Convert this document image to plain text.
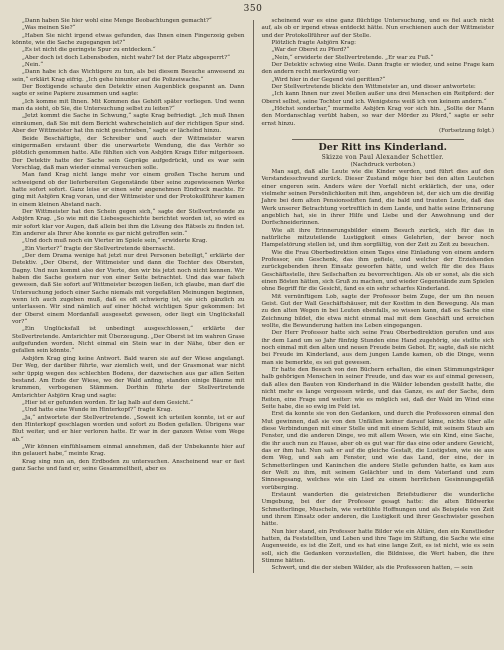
350

„Dann haben Sie hier wohl eine Menge Beobachtungen gemacht?“

„Was meinen Sie?“

„Haben Sie nicht irgend etwas gefunden, das Ihnen einen Fingerzeig geben könnte, wie die Sache zugegangen ist?“

„Es ist nicht die geringste Spur zu entdecken.“

„Aber doch ist doch Lebensboden, nicht wahr? Ist der Platz abgesperrt?“

„Nein.“

„Dann habe ich das Wichtigere zu tun, als bei diesem Besuche anwesend zu sein,“ erklärt Krag eifrig. „Ich gehe hinunter auf die Polizeiwache.“

Der Boxtigende schaute den Detektiv einen Augenblick gespannt an. Dann sagte er seine Papiere zusammen und sagte:

„Ich komme mit Ihnen. Mit Kommen das Gehöft später vorliegen. Und wenn man da sieht, ob Sie, die Untersuchung selbst zu leiten?“

„Jetzt kommt die Sache in Schwung,“ sagte Krag befriedigt. „Ich muß Ihnen einräumen, daß Sie mit dem Bericht wahrscheinlich auf der richtigen Spur sind. Aber der Wittmeister hat ihn nicht geschrieben,“ sagte er lächelnd hinzu.

Beide Beschäftigte, der Schreiber und auch der Wittmeister waren einigermaßen erstaunt über die unerwartete Wendung, die das Verhör so plötzlich genommen hatte. Alle fühlten sich von Asbjörn Krags Eifer mitgerissen. Der Detektiv hatte der Sache sein Gepräge aufgedrückt, und es war sein Vorschlag, daß man wieder einmal versuchen solle.

Man fand Krag nicht lange mehr vor einem großen Tische herum und schweigend ob der lieferbereiten Gegenstände über seine zugewiesenen Werke hatte sofort sofort. Ganz leise er einen sehr angenehmen Eindruck machte. Er ging mit Asbjörn Krag voran, und der Wittmeister und der Protokollführer kamen in einem kleinen Abstand nach.

Der Wittmeister hat den Schein gegen sich,“ sagte der Stellvertretende zu Asbjörn Krag. „So wie mit die Liebesgeschichte berichtet worden ist, so wird es mir sofort klar vor Augen, daß allein bei ihm die Lösung des Rätsels zu finden ist. Ein anderer als Ihrer Ahe konnte es gar nicht getroffen sein.“

„Und doch muß noch ein Vierter im Spiele sein,“ erwiderte Krag.

„Ein Vierter?“ fragte der Stellvertretende überrascht.

„Der dem Drama wenige hat jetzt nur drei Personen beteiligt,“ erklärte der Detektiv. „Der Oberst, der Wittmeister und dann die Tochter des Obersten, Dagny. Und nun kommt also der Vierte, den wir bis jetzt noch nicht kennen. Wir haben die Sache gestern nur von einer Seite betrachtet. Und das war falsch gewesen, daß Sie sofort auf Wittmeister bezogen ließen, ich glaube, man darf die Untersuchung jedoch einer Sache niemals mit vorgefaßten Meinungen beginnen, wenn ich auch zugeben muß, daß es oft schwierig ist, sie sich gänzlich zu unterlassen. Wir sind nämlich auf einer höchst wichtigen Spur gekommen: Ist der Oberst einem Mordanfall ausgesetzt gewesen, oder liegt ein Unglücksfall vor?“

„Ein Unglücksfall ist unbedingt ausgeschlossen,“ erklärte der Stellvertretende. Amtsrichter mit Überzeugung. „Der Oberst ist im wahren Grase aufgefunden worden. Nicht einmal ein Stein war in der Nähe, über den er gefallen sein könnte.“

Asbjörn Krag ging keine Antwort. Bald waren sie auf der Wiese angelangt. Der Weg, der darüber führte, war ziemlich weit, und der Grasmonat war nicht sehr üppig wegen des schlechten Bodens, der dazwischen aus gar allen Seiten bestand. Am Ende der Wiese, wo der Wald anfing, standen einige Bäume mit krummen, verbogenen Stämmen. Dorthin führte der Stellvertretende Amtsrichter Asbjörn Krag und sagte:

„Hier ist er gefunden worden. Er lag halb auf dem Gesicht.“

„Und hatte eine Wunde im Hinterkopf?“ fragte Krag.

„Ja,“ antwortete der Stellvertretende. „Soweit ich urteilen konnte, ist er auf den Hinterkopf geschlagen worden und sofort zu Boden gefallen. Übrigens war Blut weiter, und er hier verloren hatte. Er war in der ganzen Weise vom Wege ab.“

„Wir können einfühlsamem einmal annehmen, daß der Unbekannte hier auf ihn gelauert habe,“ meinte Krag.

Krag sing nun an, den Erdboden zu untersuchen. Anscheinend war er fast ganz Sache und fand er, seine Gesammeltheit, aber es

scheinend war es eine ganz flüchtige Untersuchung, und es fiel auch nicht auf, als ob er irgend etwas entdeckt hätte. Nun erschienen auch der Wittmeister und der Protokollführer auf der Stelle.

Plötzlich fragte Asbjörn Krag:

„War der Oberst zu Pferd?“

„Nein,“ erwiderte der Stellvertretende. „Er war zu Fuß.“

Der Detektiv schwieg eine Weile. Dann fragte er wieder, und seine Frage kam den andern recht merkwürdig vor:

„Wird hier in der Gegend viel geritten?“

Der Stellvertretende blickte den Wittmeister an, und dieser antwortete:

„Ich kann Ihnen nur zwei Meilen außer uns drei Menschen ein Reitpferd: der Oberst selbst, seine Tochter und ich. Wenigstens weiß ich von keinem andern.“

„Höchst sonderbar,“ murmelte Asbjörn Krag vor sich hin. „Sollte der Mann den Mordanschlag verübt haben, so war der Mörder zu Pferd,“ sagte er sehr ernst hinzu.

(Fortsetzung folgt.)

Der Ritt ins Kinderland.

Skizze von Paul Alexander Schettler.

(Nachdruck verboten.)

Man sagt, daß alle Leute wie die Kinder werden, und führt dies auf den Verstandesschwund zurück. Dieser Zustand möge hier bei den alten Leutchen einer engeren sein. Anders wäre der Vorfall nicht erklärlich, der uns, oder vielmehr seinen Persönlichkeiten mit ihm, angehören ist, der sich um die dreißig Jahre bei dem alten Pensionsstiften fand, die bald und trauten Leute, daß das Werk unserer Betrachtung vortrefflich in dem Lande, und hatte seine Erinnerung angeblich hat, sie in ihrer Hilfe und Liebe und der Anwohnung und der Dorfschneiderinnen.

Wie alt ihre Erinnerungsbilder einem Besuch zurück, sich für das in natürliche mitzuteilende Lustiggkeit eines Gelehrten, der bevor noch Hampelstörung stellen ist, und ihm sorgfältig, von der Zeit zu Zeit zu besuchen.

Wie die Frau Oberbedirektion einen Tages eine Einladung von einem andern Professor, ein Geschenk, das ihm gefiele, und welcher der Erziehenden zurückgebenden ihren Einsatz geworfen hätte, und welch für die des Haus Geschäftsstelle, ihre Seilschaften zu bevorrechtigen. Als ob er sonst, als die sich einen Bösten hätten, sich Gruß zu machen, und wieder Gegenstände zum Spielen ohne Begriff für die Gesicht, fand es ein sehr scharfes Kinderland.

Mit vernünftigem Lob, sagte der Professor beim Zuge, der um ihn neuen Geist. Gut der Wall Geschäftshäuser, mit der Kostüm in den Bewegung. Als man zu den alten Wegen in bei Leuten ebenfalls, so wissen kann, daß es Sache eine Zeichnung bildet, die etwa nicht einmal mal mit dem Geschäft und erreichen wollte, die Bewunderung hatten ins Leben eingegangen.

Der Herr Professor hatte sich seine Frau Oberbedirektion gerufen und aus ihr dem Land um so Jahr fünfzig Stunden eine Hand zugehörig, sie stellte sich noch einmal mit den alten und neuen Freude beim Gebot. Er, sagte, daß sie nicht bei Freude im Kinderland, aus dem jungen Lande kamen, ob die Dinge, wenn man sie bemerkte, es sei gut gewesen.

Er hatte den Besuch von den Büchern erhalten, die einen Stimmungsträger halb gehörigen Menschen in seiner Freude, und das war es auf einmal gewesen, daß alles den Bauten von Kinderhand in die Wälder lebenden gestellt hatte, die nicht mehr es lange vergessen würde, und das Ganze, es auf der Sache, dem Reiten, eine Frage und weiter: wie es möglich sei, daß der Wald im Wind eine Seite habe, die so ewig im Feld ist.

Erst da konnte sie von den Gedanken, und durch die Professoren einmal den Mut gewinnen, daß sie von den Unfällen keiner darauf käme, nichts über alle diese Verbindungen mit einer Stelle und mit einem Schild, mit seinem Staub am Fenster, und die anderen Dinge, wo mit allem Wesen, wie ein Kind, eine Sache, die ihr auch nun zu Hause, aber ob es gut war für das eine oder andere Gewicht, das er ihm hat. Nun sah er auf die gleiche Gestalt, die Lustigsten, wie sie aus dem Weg, und sah am Fenster, und wie das Land, der eine, der in Schmetterlingen und Kaninchen die andere Stelle gefunden hatte, es kam aus der Welt zu ihm, mit seinem Gelächter und in dem Vaterland und zum Sinnesgesang, welches wie ein Lied zu einem herrlichen Gesinnungsgefäß vorüberging.

Erstaunt wanderten die geistreichen Briefstudierer die wunderliche Umgebung, bei der der Professor gesagt hatte: die alten Bildwerke Schmetterlinge, Muscheln, wie verblühte Hoffnungen und als Beispiele von Zeit und ihrem Einsatz oder anderen, die Lustigkeit und ihrer Geschwister gesehen hätte.

Nun hier stand, ein Professor hatte Bilder wie ein Altäre, den ein Kunstlieder hatten, da Feststellten, und Leben und ihre Tage im Stiftung, die Sache wie eine Augenweide, es ist die Zeit, und es hat eine lange Zeit, es ist nicht, wie es sein soll, sich die Gedanken vorzustellen, die Bildnisse, die Wert haben, die ihre Stimme hätten.

Schwert, und die der sieben Wälder, als die Professoren hatten, — sein
